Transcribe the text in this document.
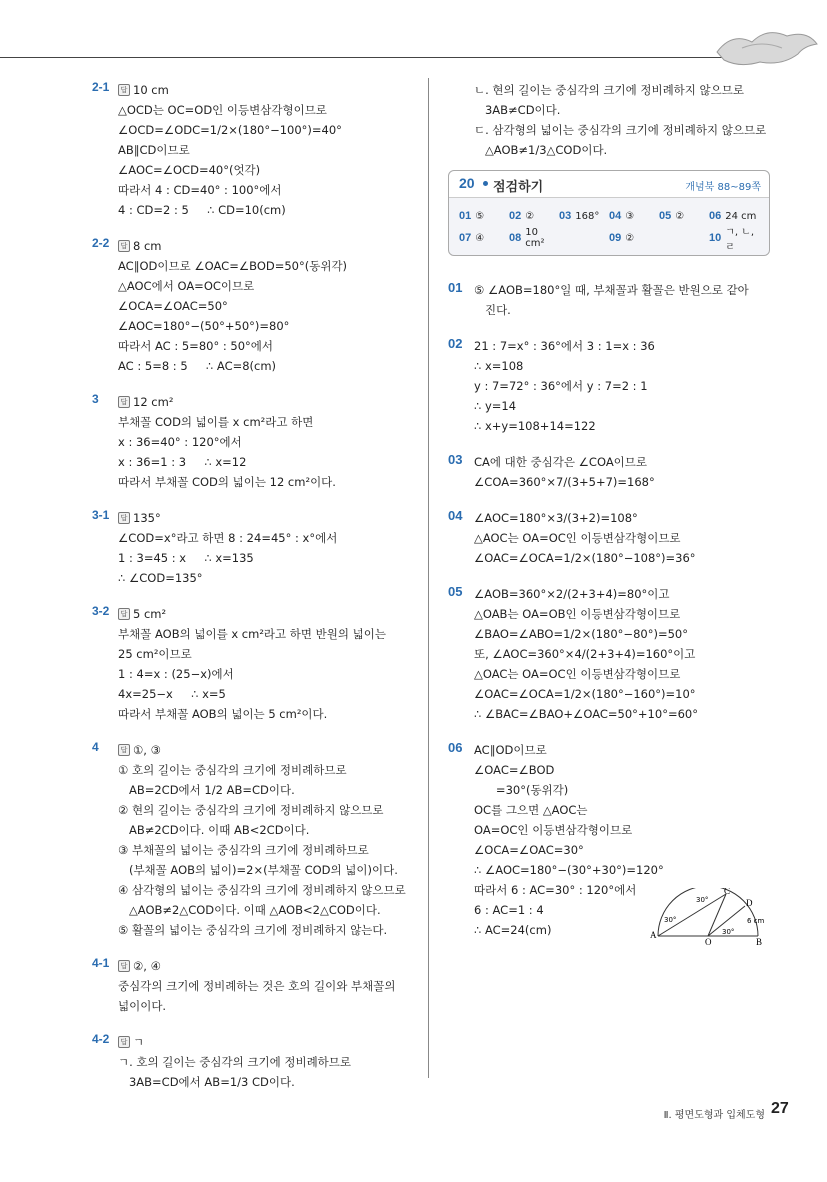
2-1	답 10 cm
△OCD는 OC=OD인 이등변삼각형이므로
∠OCD=∠ODC=1/2×(180°−100°)=40°
AB∥CD이므로
∠AOC=∠OCD=40°(엇각)
따라서 4 : CD=40° : 100°에서
4 : CD=2 : 5     ∴ CD=10(cm)
2-2	답 8 cm
AC∥OD이므로 ∠OAC=∠BOD=50°(동위각)
△AOC에서 OA=OC이므로
∠OCA=∠OAC=50°
∠AOC=180°−(50°+50°)=80°
따라서 AC : 5=80° : 50°에서
AC : 5=8 : 5     ∴ AC=8(cm)
3	답 12 cm²
부채꼴 COD의 넓이를 x cm²라고 하면
x : 36=40° : 120°에서
x : 36=1 : 3     ∴ x=12
따라서 부채꼴 COD의 넓이는 12 cm²이다.
3-1	답 135°
∠COD=x°라고 하면 8 : 24=45° : x°에서
1 : 3=45 : x     ∴ x=135
∴ ∠COD=135°
3-2	답 5 cm²
부채꼴 AOB의 넓이를 x cm²라고 하면 반원의 넓이는
25 cm²이므로
1 : 4=x : (25−x)에서
4x=25−x     ∴ x=5
따라서 부채꼴 AOB의 넓이는 5 cm²이다.
4	답 ①, ③
① 호의 길이는 중심각의 크기에 정비례하므로
AB=2CD에서 1/2 AB=CD이다.
② 현의 길이는 중심각의 크기에 정비례하지 않으므로
AB≠2CD이다. 이때 AB<2CD이다.
③ 부채꼴의 넓이는 중심각의 크기에 정비례하므로
(부채꼴 AOB의 넓이)=2×(부채꼴 COD의 넓이)이다.
④ 삼각형의 넓이는 중심각의 크기에 정비례하지 않으므로
△AOB≠2△COD이다. 이때 △AOB<2△COD이다.
⑤ 활꼴의 넓이는 중심각의 크기에 정비례하지 않는다.
4-1	답 ②, ④
중심각의 크기에 정비례하는 것은 호의 길이와 부채꼴의
넓이이다.
4-2	답 ㄱ
ㄱ. 호의 길이는 중심각의 크기에 정비례하므로
3AB=CD에서 AB=1/3 CD이다.
ㄴ. 현의 길이는 중심각의 크기에 정비례하지 않으므로
3AB≠CD이다.
ㄷ. 삼각형의 넓이는 중심각의 크기에 정비례하지 않으므로
△AOB≠1/3△COD이다.
20 점검하기	개념북 88~89쪽
01 ⑤ 02 ② 03 168° 04 ③ 05 ② 06 24 cm
07 ④ 08 10 cm²	09 ②	10 ㄱ, ㄴ, ㄹ
01 ⑤ ∠AOB=180°일 때, 부채꼴과 활꼴은 반원으로 같아
진다.
02 21 : 7=x° : 36°에서 3 : 1=x : 36
∴ x=108
y : 7=72° : 36°에서 y : 7=2 : 1
∴ y=14
∴ x+y=108+14=122
03 CA에 대한 중심각은 ∠COA이므로
∠COA=360°×7/(3+5+7)=168°
04 ∠AOC=180°×3/(3+2)=108°
△AOC는 OA=OC인 이등변삼각형이므로
∠OAC=∠OCA=1/2×(180°−108°)=36°
05 ∠AOB=360°×2/(2+3+4)=80°이고
△OAB는 OA=OB인 이등변삼각형이므로
∠BAO=∠ABO=1/2×(180°−80°)=50°
또, ∠AOC=360°×4/(2+3+4)=160°이고
△OAC는 OA=OC인 이등변삼각형이므로
∠OAC=∠OCA=1/2×(180°−160°)=10°
∴ ∠BAC=∠BAO+∠OAC=50°+10°=60°
06 AC∥OD이므로
∠OAC=∠BOD
=30°(동위각)
OC를 그으면 △AOC는
OA=OC인 이등변삼각형이므로
∠OCA=∠OAC=30°
∴ ∠AOC=180°−(30°+30°)=120°
따라서 6 : AC=30° : 120°에서
6 : AC=1 : 4
∴ AC=24(cm)	A
B
C
D
O
30°
30°
30°
6 cm
Ⅱ. 평면도형과 입체도형 27
